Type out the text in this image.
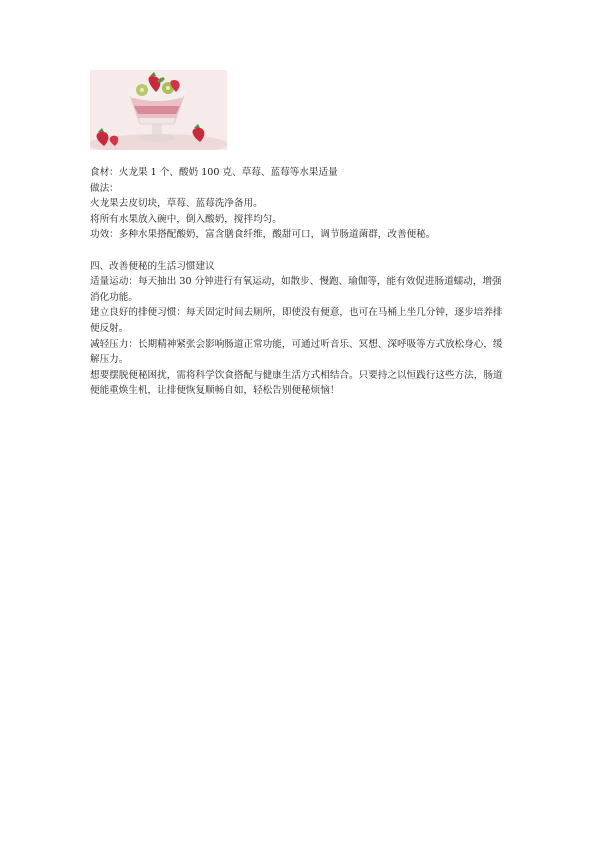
食材：火龙果 1 个、酸奶 100 克、草莓、蓝莓等水果适量

做法：

火龙果去皮切块，草莓、蓝莓洗净备用。

将所有水果放入碗中，倒入酸奶，搅拌均匀。

功效：多种水果搭配酸奶，富含膳食纤维，酸甜可口，调节肠道菌群，改善便秘。

四、改善便秘的生活习惯建议

适量运动：每天抽出 30 分钟进行有氧运动，如散步、慢跑、瑜伽等，能有效促进肠道蠕动，增强消化功能。

建立良好的排便习惯：每天固定时间去厕所，即使没有便意，也可在马桶上坐几分钟，逐步培养排便反射。

减轻压力：长期精神紧张会影响肠道正常功能，可通过听音乐、冥想、深呼吸等方式放松身心，缓解压力。

想要摆脱便秘困扰，需将科学饮食搭配与健康生活方式相结合。只要持之以恒践行这些方法，肠道便能重焕生机，让排便恢复顺畅自如，轻松告别便秘烦恼！
